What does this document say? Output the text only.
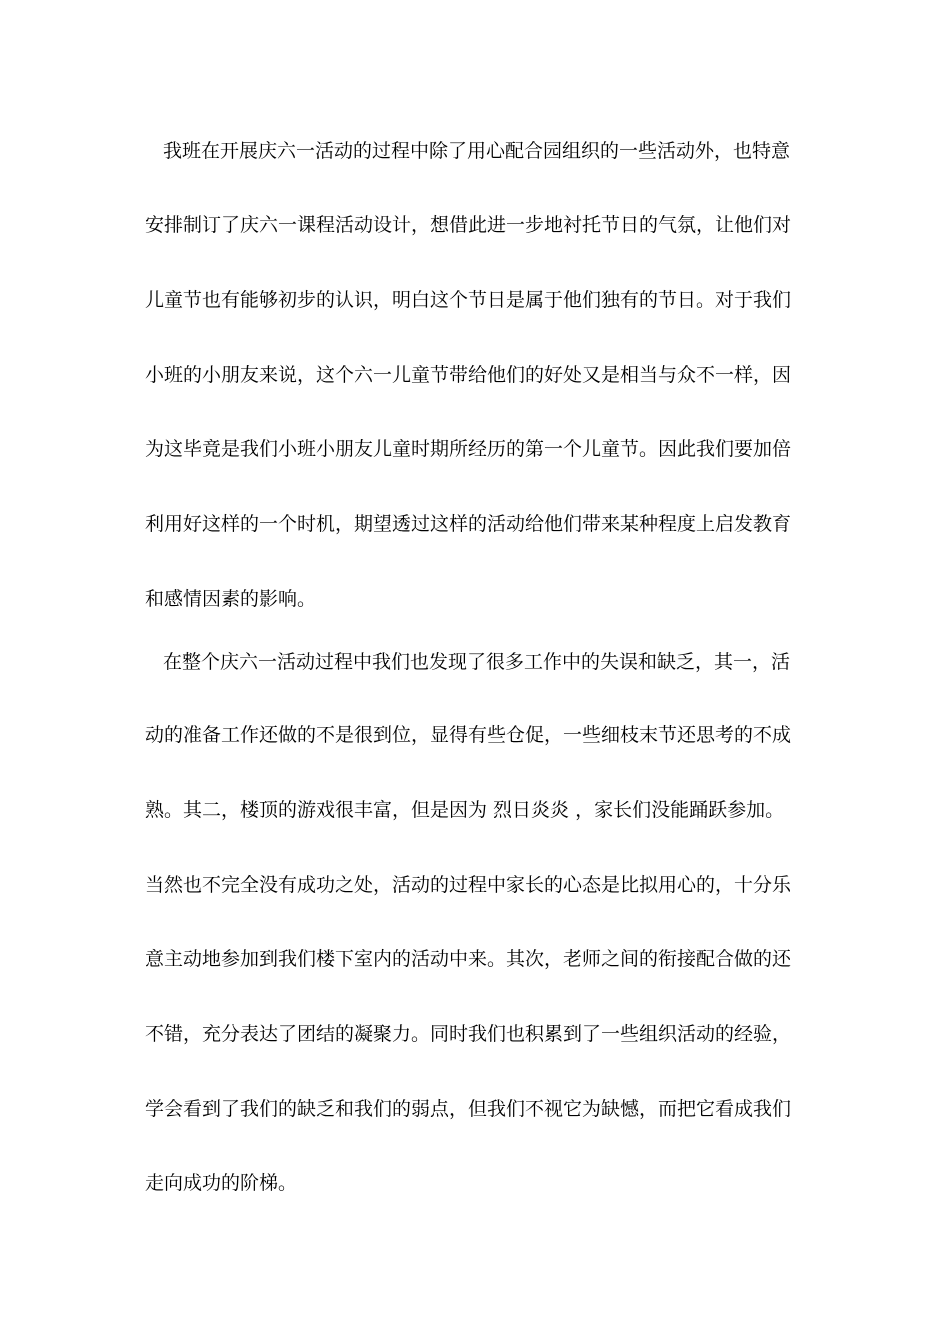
我班在开展庆六一活动的过程中除了用心配合园组织的一些活动外，也特意
安排制订了庆六一课程活动设计，想借此进一步地衬托节日的气氛，让他们对
儿童节也有能够初步的认识，明白这个节日是属于他们独有的节日。对于我们
小班的小朋友来说，这个六一儿童节带给他们的好处又是相当与众不一样，因
为这毕竟是我们小班小朋友儿童时期所经历的第一个儿童节。因此我们要加倍
利用好这样的一个时机，期望透过这样的活动给他们带来某种程度上启发教育
和感情因素的影响。
在整个庆六一活动过程中我们也发现了很多工作中的失误和缺乏，其一，活
动的准备工作还做的不是很到位，显得有些仓促，一些细枝末节还思考的不成
熟。其二，楼顶的游戏很丰富，但是因为 烈日炎炎 ，家长们没能踊跃参加。
当然也不完全没有成功之处，活动的过程中家长的心态是比拟用心的，十分乐
意主动地参加到我们楼下室内的活动中来。其次，老师之间的衔接配合做的还
不错，充分表达了团结的凝聚力。同时我们也积累到了一些组织活动的经验，
学会看到了我们的缺乏和我们的弱点，但我们不视它为缺憾，而把它看成我们
走向成功的阶梯。
